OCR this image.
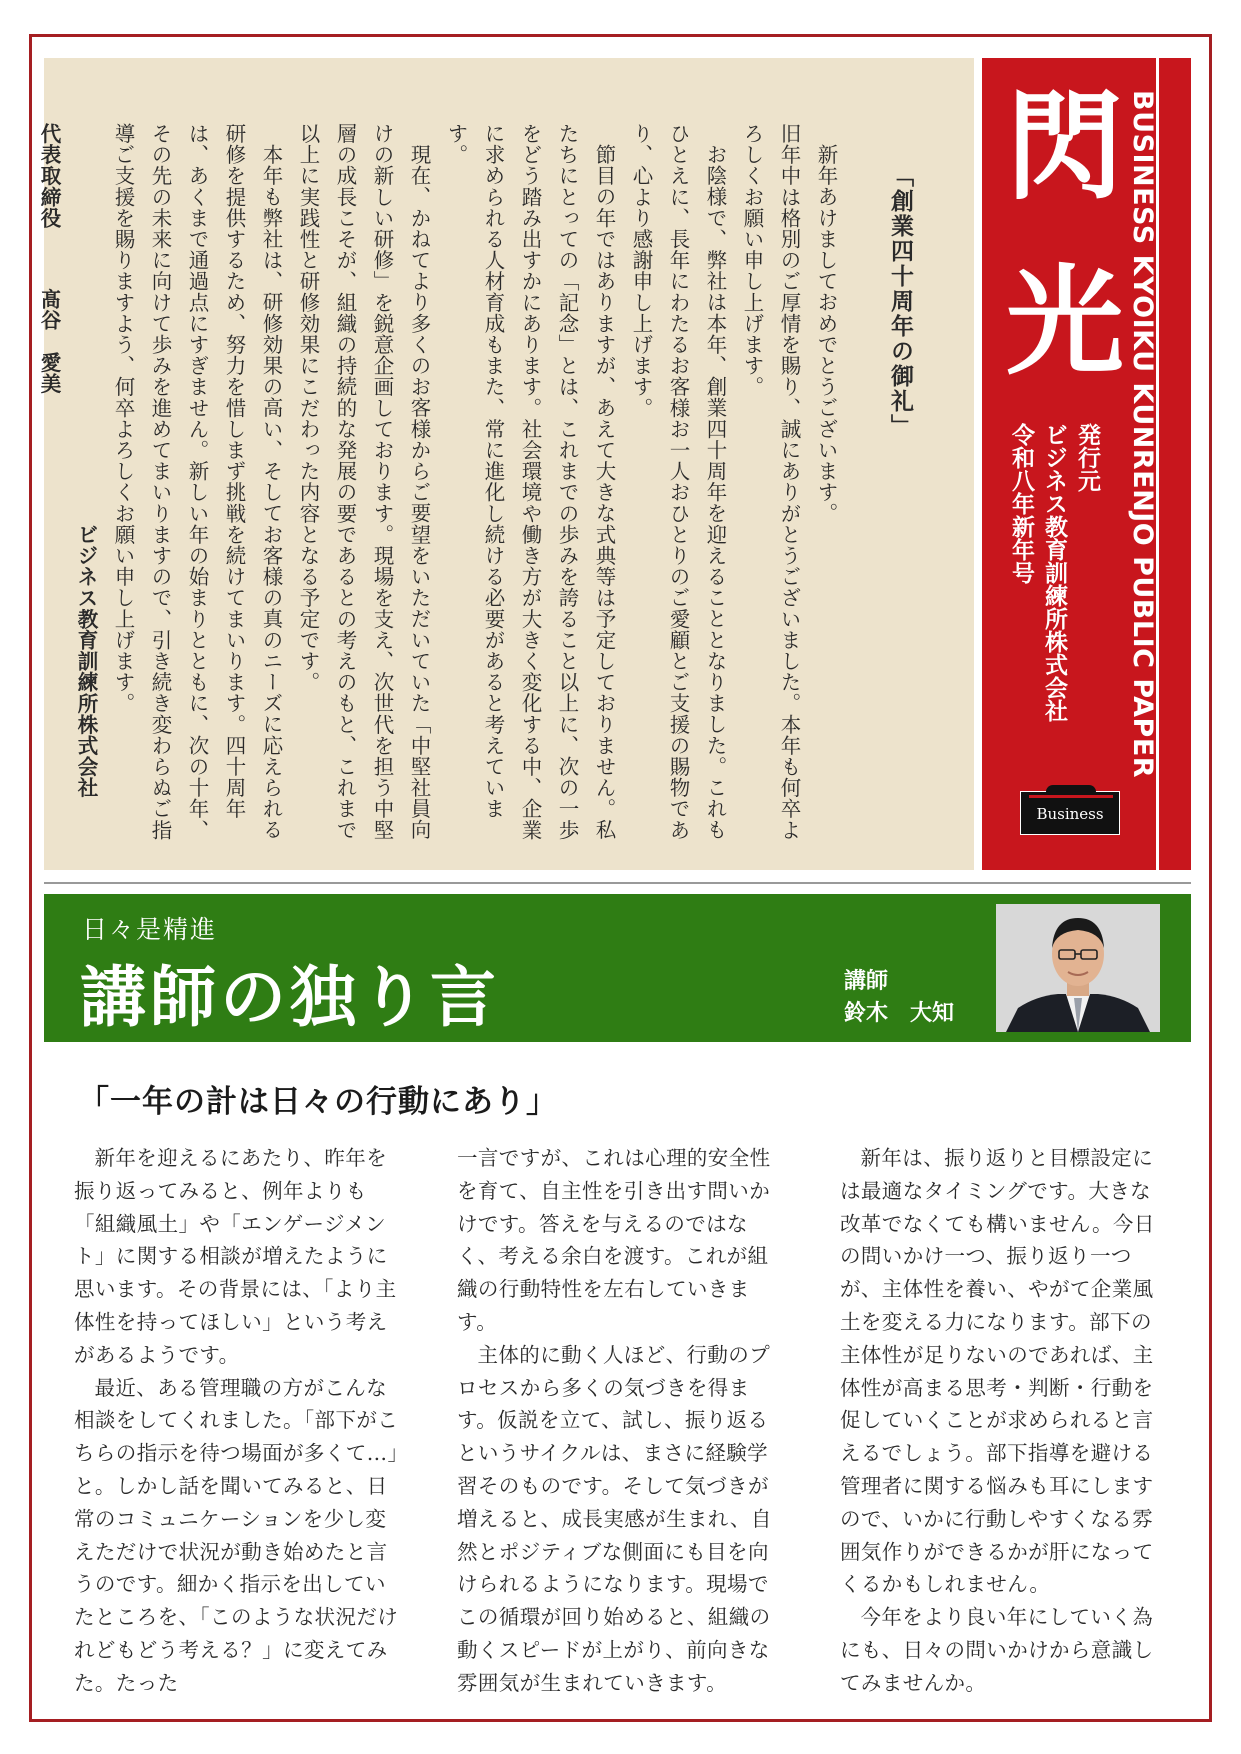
「創業四十周年の御礼」

新年あけましておめでとうございます。

旧年中は格別のご厚情を賜り、誠にありがとうございました。本年も何卒よろしくお願い申し上げます。

お陰様で、弊社は本年、創業四十周年を迎えることとなりました。これもひとえに、長年にわたるお客様お一人おひとりのご愛顧とご支援の賜物であり、心より感謝申し上げます。

節目の年ではありますが、あえて大きな式典等は予定しておりません。私たちにとっての「記念」とは、これまでの歩みを誇ること以上に、次の一歩をどう踏み出すかにあります。社会環境や働き方が大きく変化する中、企業に求められる人材育成もまた、常に進化し続ける必要があると考えています。

現在、かねてより多くのお客様からご要望をいただいていた「中堅社員向けの新しい研修」を鋭意企画しております。現場を支え、次世代を担う中堅層の成長こそが、組織の持続的な発展の要であるとの考えのもと、これまで以上に実践性と研修効果にこだわった内容となる予定です。

本年も弊社は、研修効果の高い、そしてお客様の真のニーズに応えられる研修を提供するため、努力を惜しまず挑戦を続けてまいります。四十周年は、あくまで通過点にすぎません。新しい年の始まりとともに、次の十年、その先の未来に向けて歩みを進めてまいりますので、引き続き変わらぬご指導ご支援を賜りますよう、何卒よろしくお願い申し上げます。

ビジネス教育訓練所株式会社

代表取締役髙谷　愛美

閃
光 BUSINESS KYOIKU KUNRENJO PUBLIC PAPER
発行元
ビジネス教育訓練所株式会社
令和八年新年号
Business
日々是精進
講師の独り言	講師
鈴木　大知
「一年の計は日々の行動にあり」

新年を迎えるにあたり、昨年を振り返ってみると、例年よりも「組織風土」や「エンゲージメント」に関する相談が増えたように思います。その背景には、「より主体性を持ってほしい」という考えがあるようです。

最近、ある管理職の方がこんな相談をしてくれました。「部下がこちらの指示を待つ場面が多くて…」と。しかし話を聞いてみると、日常のコミュニケーションを少し変えただけで状況が動き始めたと言うのです。細かく指示を出していたところを、「このような状況だけれどもどう考える？」に変えてみた。たった

一言ですが、これは心理的安全性を育て、自主性を引き出す問いかけです。答えを与えるのではなく、考える余白を渡す。これが組織の行動特性を左右していきます。

主体的に動く人ほど、行動のプロセスから多くの気づきを得ます。仮説を立て、試し、振り返るというサイクルは、まさに経験学習そのものです。そして気づきが増えると、成長実感が生まれ、自然とポジティブな側面にも目を向けられるようになります。現場でこの循環が回り始めると、組織の動くスピードが上がり、前向きな雰囲気が生まれていきます。

新年は、振り返りと目標設定には最適なタイミングです。大きな改革でなくても構いません。今日の問いかけ一つ、振り返り一つが、主体性を養い、やがて企業風土を変える力になります。部下の主体性が足りないのであれば、主体性が高まる思考・判断・行動を促していくことが求められると言えるでしょう。部下指導を避ける管理者に関する悩みも耳にしますので、いかに行動しやすくなる雰囲気作りができるかが肝になってくるかもしれません。

今年をより良い年にしていく為にも、日々の問いかけから意識してみませんか。
